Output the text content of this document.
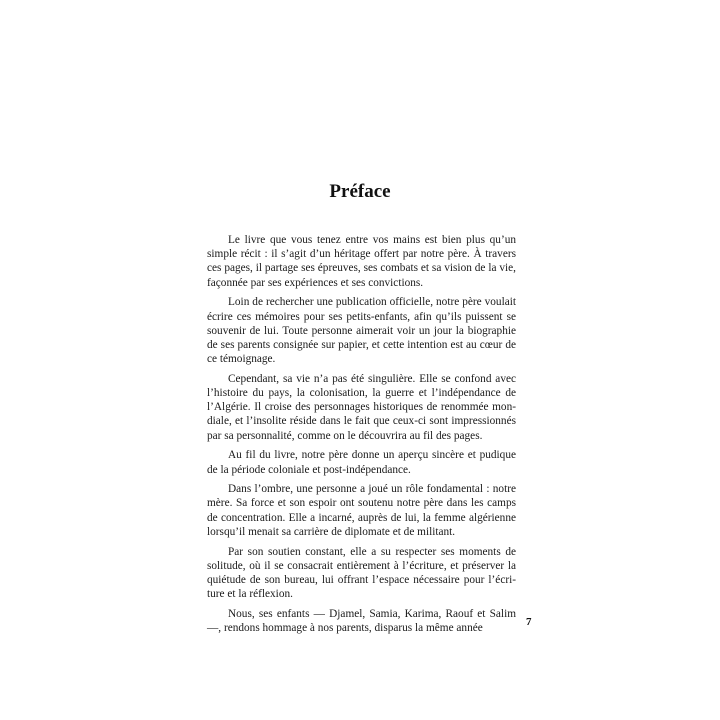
Préface

Le livre que vous tenez entre vos mains est bien plus qu’un simple récit : il s’agit d’un héritage offert par notre père. À travers ces pages, il partage ses épreuves, ses combats et sa vision de la vie, façonnée par ses expériences et ses convictions.

Loin de rechercher une publication officielle, notre père voulait écrire ces mémoires pour ses petits-enfants, afin qu’ils puissent se souvenir de lui. Toute personne aimerait voir un jour la biographie de ses parents consignée sur papier, et cette intention est au cœur de ce témoignage.

Cependant, sa vie n’a pas été singulière. Elle se confond avec l’histoire du pays, la colonisation, la guerre et l’indépendance de l’Algérie. Il croise des personnages historiques de renommée mon-diale, et l’insolite réside dans le fait que ceux-ci sont impressionnés par sa personnalité, comme on le découvrira au fil des pages.

Au fil du livre, notre père donne un aperçu sincère et pudique de la période coloniale et post-indépendance.

Dans l’ombre, une personne a joué un rôle fondamental : notre mère. Sa force et son espoir ont soutenu notre père dans les camps de concentration. Elle a incarné, auprès de lui, la femme algérienne lorsqu’il menait sa carrière de diplomate et de militant.

Par son soutien constant, elle a su respecter ses moments de solitude, où il se consacrait entièrement à l’écriture, et préserver la quiétude de son bureau, lui offrant l’espace nécessaire pour l’écri-ture et la réflexion.

Nous, ses enfants — Djamel, Samia, Karima, Raouf et Salim —, rendons hommage à nos parents, disparus la même année

7
